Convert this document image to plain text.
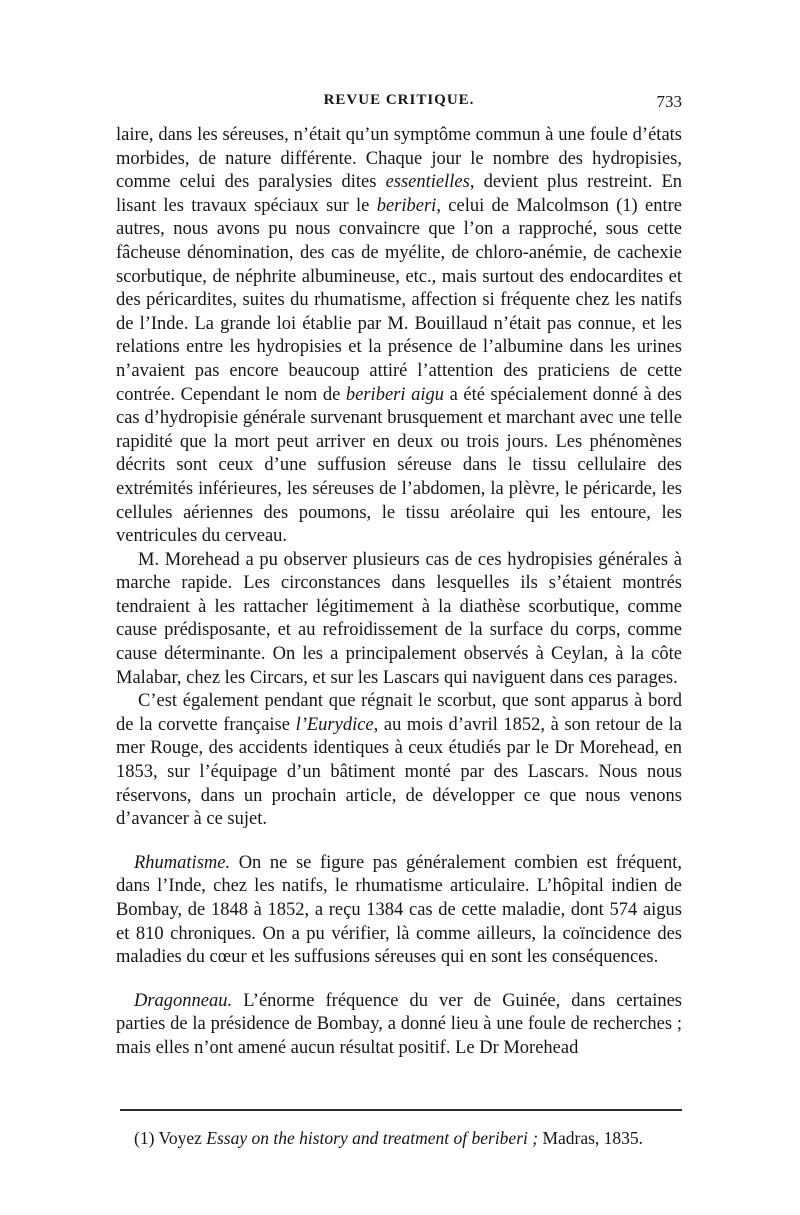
REVUE CRITIQUE.	733

laire, dans les séreuses, n’était qu’un symptôme commun à une foule d’états morbides, de nature différente. Chaque jour le nombre des hydropisies, comme celui des paralysies dites essentielles, devient plus restreint. En lisant les travaux spéciaux sur le beriberi, celui de Malcolmson (1) entre autres, nous avons pu nous convaincre que l’on a rapproché, sous cette fâcheuse dénomination, des cas de myélite, de chloro-anémie, de cachexie scorbutique, de néphrite albumineuse, etc., mais surtout des endocardites et des péricardites, suites du rhumatisme, affection si fréquente chez les natifs de l’Inde. La grande loi établie par M. Bouillaud n’était pas connue, et les relations entre les hydropisies et la présence de l’albumine dans les urines n’avaient pas encore beaucoup attiré l’attention des praticiens de cette contrée. Cependant le nom de beriberi aigu a été spécialement donné à des cas d’hydropisie générale survenant brusquement et marchant avec une telle rapidité que la mort peut arriver en deux ou trois jours. Les phénomènes décrits sont ceux d’une suffusion séreuse dans le tissu cellulaire des extrémités inférieures, les séreuses de l’abdomen, la plèvre, le péricarde, les cellules aériennes des poumons, le tissu aréolaire qui les entoure, les ventricules du cerveau.

M. Morehead a pu observer plusieurs cas de ces hydropisies générales à marche rapide. Les circonstances dans lesquelles ils s’étaient montrés tendraient à les rattacher légitimement à la diathèse scorbutique, comme cause prédisposante, et au refroidissement de la surface du corps, comme cause déterminante. On les a principalement observés à Ceylan, à la côte Malabar, chez les Circars, et sur les Lascars qui naviguent dans ces parages.

C’est également pendant que régnait le scorbut, que sont apparus à bord de la corvette française l’Eurydice, au mois d’avril 1852, à son retour de la mer Rouge, des accidents identiques à ceux étudiés par le Dr Morehead, en 1853, sur l’équipage d’un bâtiment monté par des Lascars. Nous nous réservons, dans un prochain article, de développer ce que nous venons d’avancer à ce sujet.

Rhumatisme. On ne se figure pas généralement combien est fréquent, dans l’Inde, chez les natifs, le rhumatisme articulaire. L’hôpital indien de Bombay, de 1848 à 1852, a reçu 1384 cas de cette maladie, dont 574 aigus et 810 chroniques. On a pu vérifier, là comme ailleurs, la coïncidence des maladies du cœur et les suffusions séreuses qui en sont les conséquences.

Dragonneau. L’énorme fréquence du ver de Guinée, dans certaines parties de la présidence de Bombay, a donné lieu à une foule de recherches ; mais elles n’ont amené aucun résultat positif. Le Dr Morehead

(1) Voyez Essay on the history and treatment of beriberi ; Madras, 1835.
